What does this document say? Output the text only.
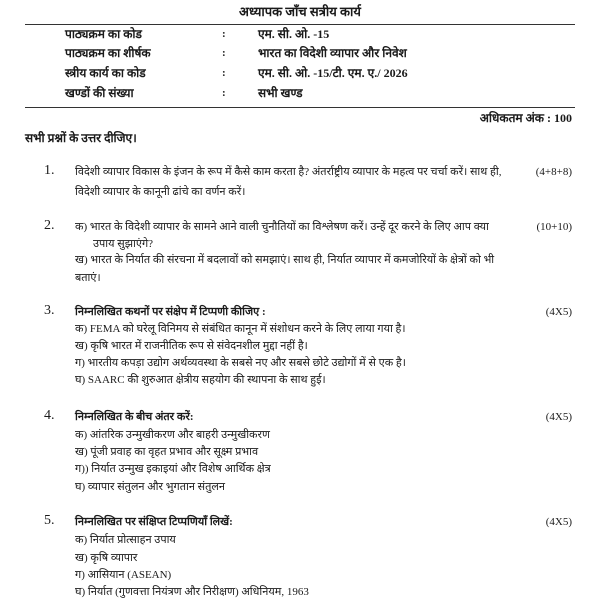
अध्यापक जाँच सत्रीय कार्य
पाठ्यक्रम का कोड	:	एम. सी. ओ. -15
पाठ्यक्रम का शीर्षक	:	भारत का विदेशी व्यापार और निवेश
स्त्रीय कार्य का कोड	:	एम. सी. ओ. -15/टी. एम. ए./ 2026
खण्डों की संख्या	:	सभी खण्ड
अधिकतम अंक : 100
सभी प्रश्नों के उत्तर दीजिए।
1. विदेशी व्यापार विकास के इंजन के रूप में कैसे काम करता है? अंतर्राष्ट्रीय व्यापार के महत्व पर चर्चा करें। साथ ही,	(4+8+8)
विदेशी व्यापार के कानूनी ढांचे का वर्णन करें।
2. क) भारत के विदेशी व्यापार के सामने आने वाली चुनौतियों का विश्लेषण करें। उन्हें दूर करने के लिए आप क्या	(10+10)
उपाय सुझाएंगे?
ख) भारत के निर्यात की संरचना में बदलावों को समझाएं। साथ ही, निर्यात व्यापार में कमजोरियों के क्षेत्रों को भी
बताएं।
3. निम्नलिखित कथनों पर संक्षेप में टिप्पणी कीजिए :	(4X5)
क) FEMA को घरेलू विनिमय से संबंधित कानून में संशोधन करने के लिए लाया गया है।
ख) कृषि भारत में राजनीतिक रूप से संवेदनशील मुद्दा नहीं है।
ग) भारतीय कपड़ा उद्योग अर्थव्यवस्था के सबसे नए और सबसे छोटे उद्योगों में से एक है।
घ) SAARC की शुरुआत क्षेत्रीय सहयोग की स्थापना के साथ हुई।
4. निम्नलिखित के बीच अंतर करें:	(4X5)
क) आंतरिक उन्मुखीकरण और बाहरी उन्मुखीकरण
ख) पूंजी प्रवाह का वृहत प्रभाव और सूक्ष्म प्रभाव
ग)) निर्यात उन्मुख इकाइयां और विशेष आर्थिक क्षेत्र
घ) व्यापार संतुलन और भुगतान संतुलन
5. निम्नलिखित पर संक्षिप्त टिप्पणियाँ लिखें:	(4X5)
क) निर्यात प्रोत्साहन उपाय
ख) कृषि व्यापार
ग) आसियान (ASEAN)
घ) निर्यात (गुणवत्ता नियंत्रण और निरीक्षण) अधिनियम, 1963
